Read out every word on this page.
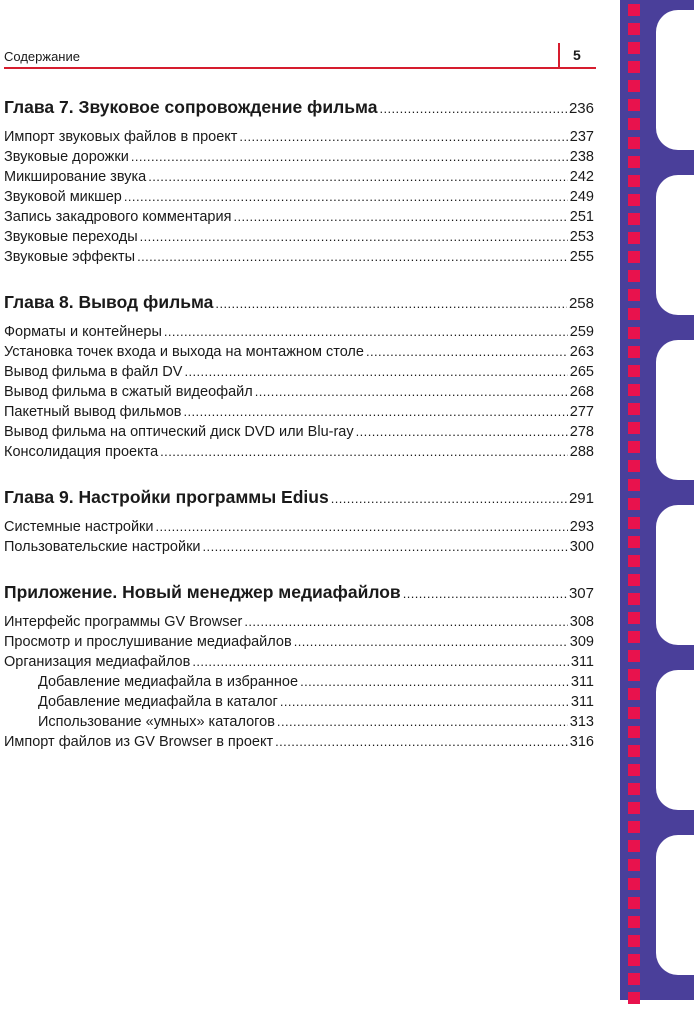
Содержание	5
Глава 7. Звуковое сопровождение фильма . . .	236
Импорт звуковых файлов в проект . . .	237
Звуковые дорожки . . .	238
Микширование звука . . .	242
Звуковой микшер . . .	249
Запись закадрового комментария . . .	251
Звуковые переходы . . .	253
Звуковые эффекты . . .	255
Глава 8. Вывод фильма . . .	258
Форматы и контейнеры . . .	259
Установка точек входа и выхода на монтажном столе . . .	263
Вывод фильма в файл DV . . .	265
Вывод фильма в сжатый видеофайл . . .	268
Пакетный вывод фильмов . . .	277
Вывод фильма на оптический диск DVD или Blu-ray . . .	278
Консолидация проекта . . .	288
Глава 9. Настройки программы Edius . . .	291
Системные настройки . . .	293
Пользовательские настройки . . .	300
Приложение. Новый менеджер медиафайлов . . .	307
Интерфейс программы GV Browser . . .	308
Просмотр и прослушивание медиафайлов . . .	309
Организация медиафайлов . . .	311
Добавление медиафайла в избранное . . .	311
Добавление медиафайла в каталог . . .	311
Использование «умных» каталогов . . .	313
Импорт файлов из GV Browser в проект . . .	316
